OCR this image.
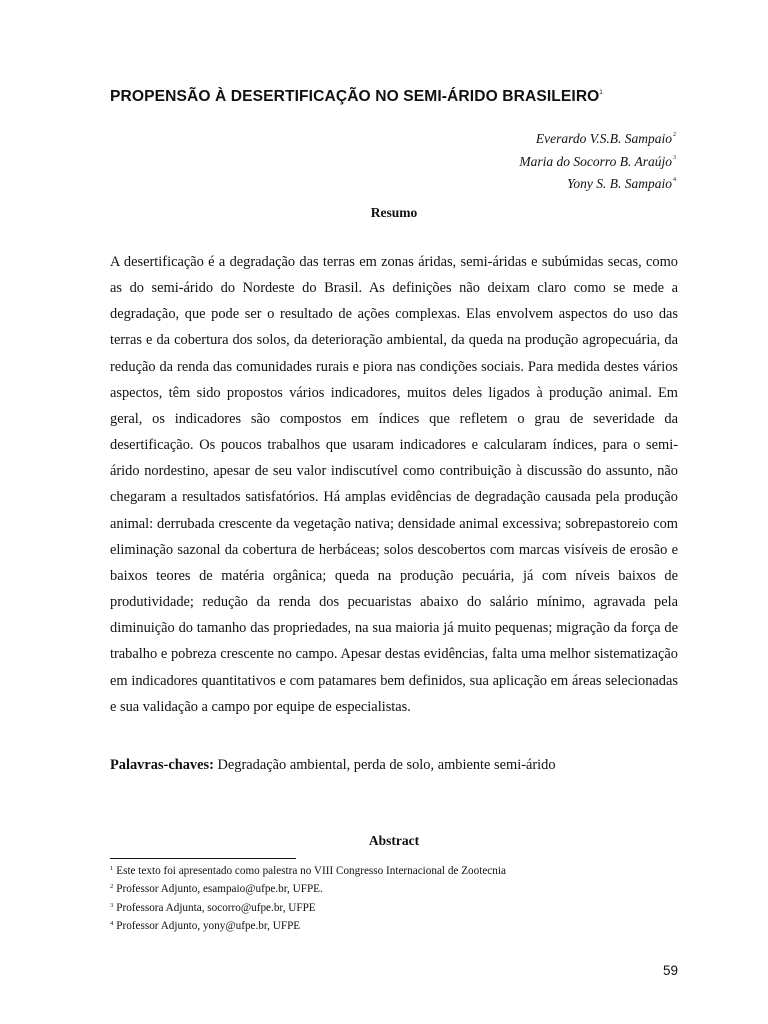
PROPENSÃO À DESERTIFICAÇÃO NO SEMI-ÁRIDO BRASILEIRO$^1$
Everardo V.S.B. Sampaio$^2$
Maria do Socorro B. Araújo$^3$
Yony S. B. Sampaio$^4$
Resumo

A desertificação é a degradação das terras em zonas áridas, semi-áridas e subúmidas secas, como as do semi-árido do Nordeste do Brasil. As definições não deixam claro como se mede a degradação, que pode ser o resultado de ações complexas. Elas envolvem aspectos do uso das terras e da cobertura dos solos, da deterioração ambiental, da queda na produção agropecuária, da redução da renda das comunidades rurais e piora nas condições sociais. Para medida destes vários aspectos, têm sido propostos vários indicadores, muitos deles ligados à produção animal. Em geral, os indicadores são compostos em índices que refletem o grau de severidade da desertificação. Os poucos trabalhos que usaram indicadores e calcularam índices, para o semi-árido nordestino, apesar de seu valor indiscutível como contribuição à discussão do assunto, não chegaram a resultados satisfatórios. Há amplas evidências de degradação causada pela produção animal: derrubada crescente da vegetação nativa; densidade animal excessiva; sobrepastoreio com eliminação sazonal da cobertura de herbáceas; solos descobertos com marcas visíveis de erosão e baixos teores de matéria orgânica; queda na produção pecuária, já com níveis baixos de produtividade; redução da renda dos pecuaristas abaixo do salário mínimo, agravada pela diminuição do tamanho das propriedades, na sua maioria já muito pequenas; migração da força de trabalho e pobreza crescente no campo. Apesar destas evidências, falta uma melhor sistematização em indicadores quantitativos e com patamares bem definidos, sua aplicação em áreas selecionadas e sua validação a campo por equipe de especialistas.

Palavras-chaves: Degradação ambiental, perda de solo, ambiente semi-árido
Abstract
$^1$ Este texto foi apresentado como palestra no VIII Congresso Internacional de Zootecnia
$^2$ Professor Adjunto, esampaio@ufpe.br, UFPE.
$^3$ Professora Adjunta, socorro@ufpe.br, UFPE
$^4$ Professor Adjunto, yony@ufpe.br, UFPE
59
